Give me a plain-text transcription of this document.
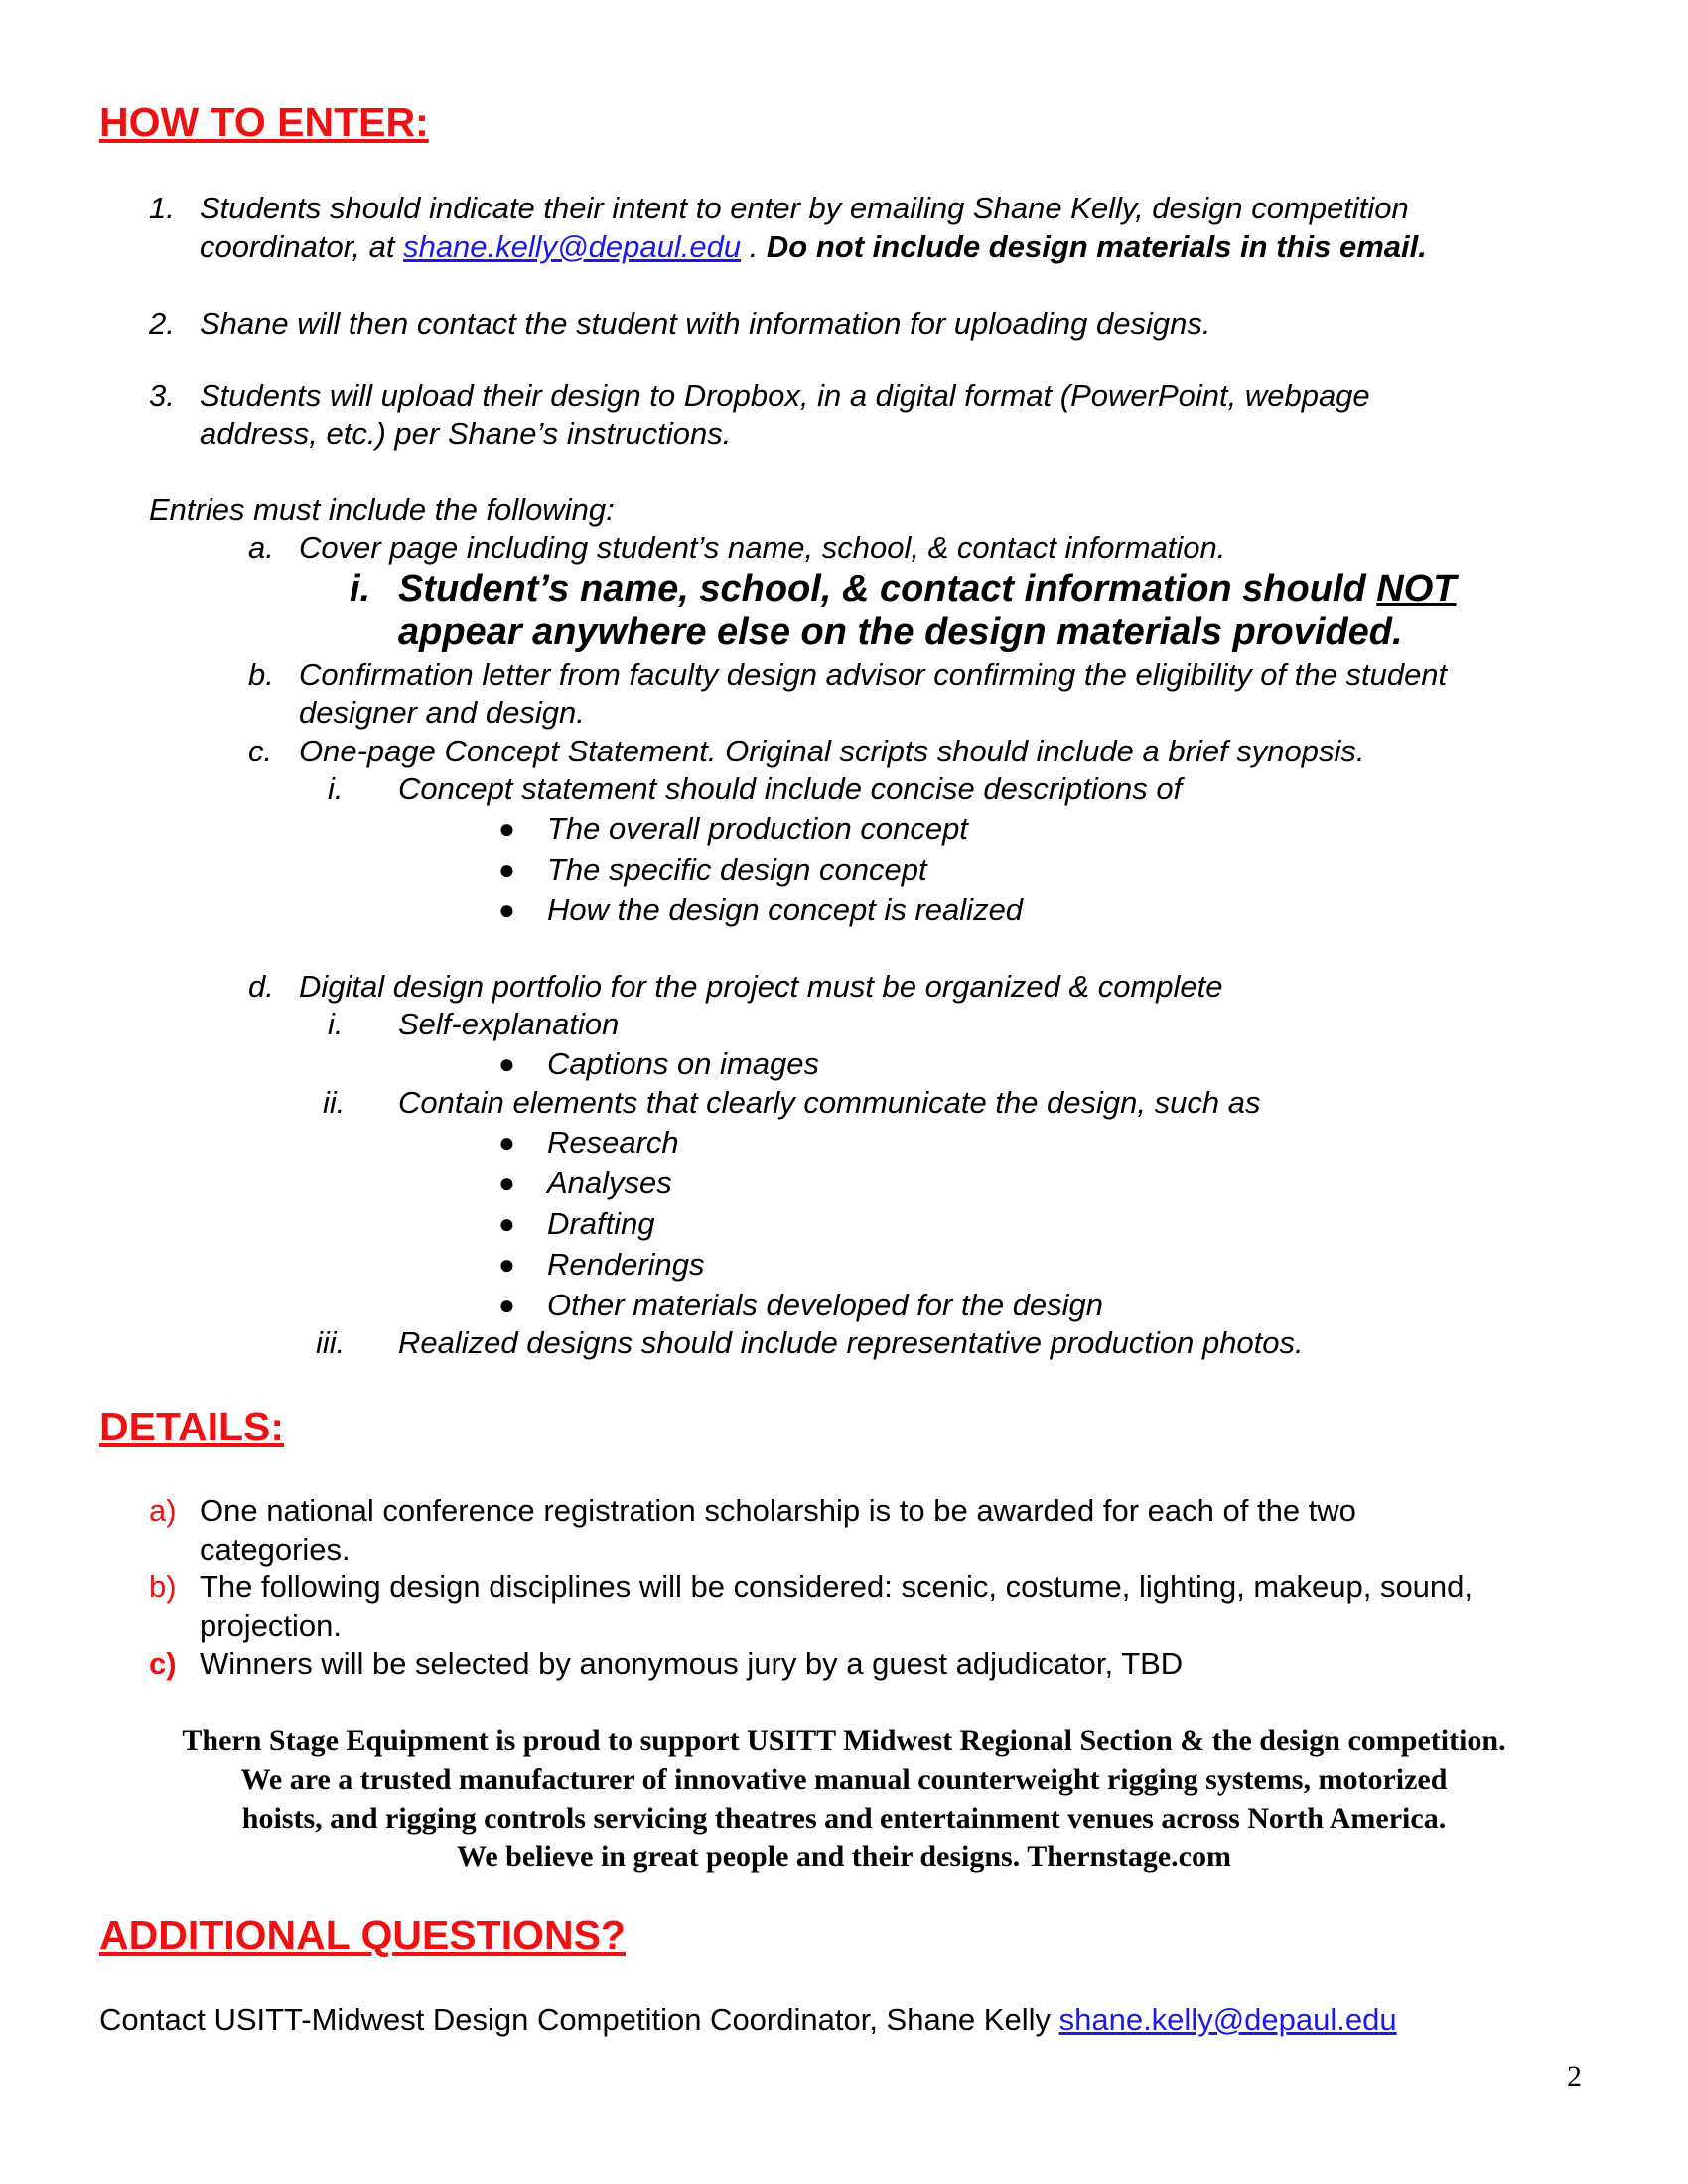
HOW TO ENTER:
1. Students should indicate their intent to enter by emailing Shane Kelly, design competition
coordinator, at shane.kelly@depaul.edu . Do not include design materials in this email.
2. Shane will then contact the student with information for uploading designs.
3. Students will upload their design to Dropbox, in a digital format (PowerPoint, webpage
address, etc.) per Shane’s instructions.
Entries must include the following:
a. Cover page including student’s name, school, & contact information.
i. Student’s name, school, & contact information should NOT
appear anywhere else on the design materials provided.
b. Confirmation letter from faculty design advisor confirming the eligibility of the student
designer and design.
c. One-page Concept Statement. Original scripts should include a brief synopsis.
i. Concept statement should include concise descriptions of
● The overall production concept
● The specific design concept
● How the design concept is realized
d. Digital design portfolio for the project must be organized & complete
i. Self-explanation
● Captions on images
ii. Contain elements that clearly communicate the design, such as
● Research
● Analyses
● Drafting
● Renderings
● Other materials developed for the design
iii. Realized designs should include representative production photos.
DETAILS:
a) One national conference registration scholarship is to be awarded for each of the two
categories.
b) The following design disciplines will be considered: scenic, costume, lighting, makeup, sound,
projection.
c) Winners will be selected by anonymous jury by a guest adjudicator, TBD
Thern Stage Equipment is proud to support USITT Midwest Regional Section & the design competition.
We are a trusted manufacturer of innovative manual counterweight rigging systems, motorized
hoists, and rigging controls servicing theatres and entertainment venues across North America.
We believe in great people and their designs. Thernstage.com
ADDITIONAL QUESTIONS?
Contact USITT-Midwest Design Competition Coordinator, Shane Kelly shane.kelly@depaul.edu
2
